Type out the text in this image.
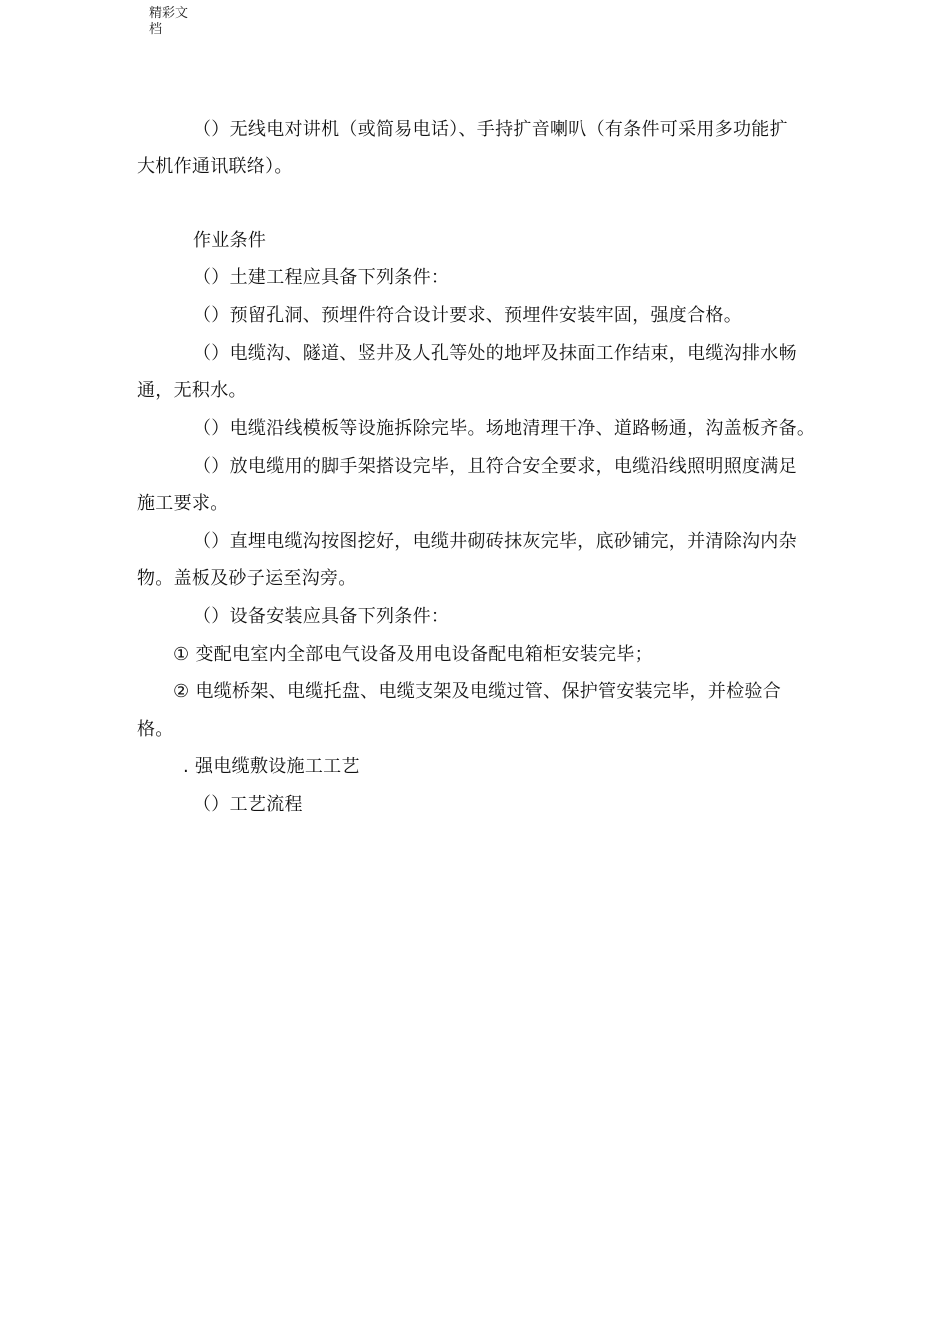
精彩文
档
（）无线电对讲机（或简易电话）、手持扩音喇叭（有条件可采用多功能扩
大机作通讯联络）。
作业条件
（）土建工程应具备下列条件：
（）预留孔洞、预埋件符合设计要求、预埋件安装牢固，强度合格。
（）电缆沟、隧道、竖井及人孔等处的地坪及抹面工作结束，电缆沟排水畅
通，无积水。
（）电缆沿线模板等设施拆除完毕。场地清理干净、道路畅通，沟盖板齐备。
（）放电缆用的脚手架搭设完毕，且符合安全要求，电缆沿线照明照度满足
施工要求。
（）直埋电缆沟按图挖好，电缆井砌砖抹灰完毕，底砂铺完，并清除沟内杂
物。盖板及砂子运至沟旁。
（）设备安装应具备下列条件：
① 变配电室内全部电气设备及用电设备配电箱柜安装完毕；
② 电缆桥架、电缆托盘、电缆支架及电缆过管、保护管安装完毕，并检验合
格。
. 强电缆敷设施工工艺
（）工艺流程
